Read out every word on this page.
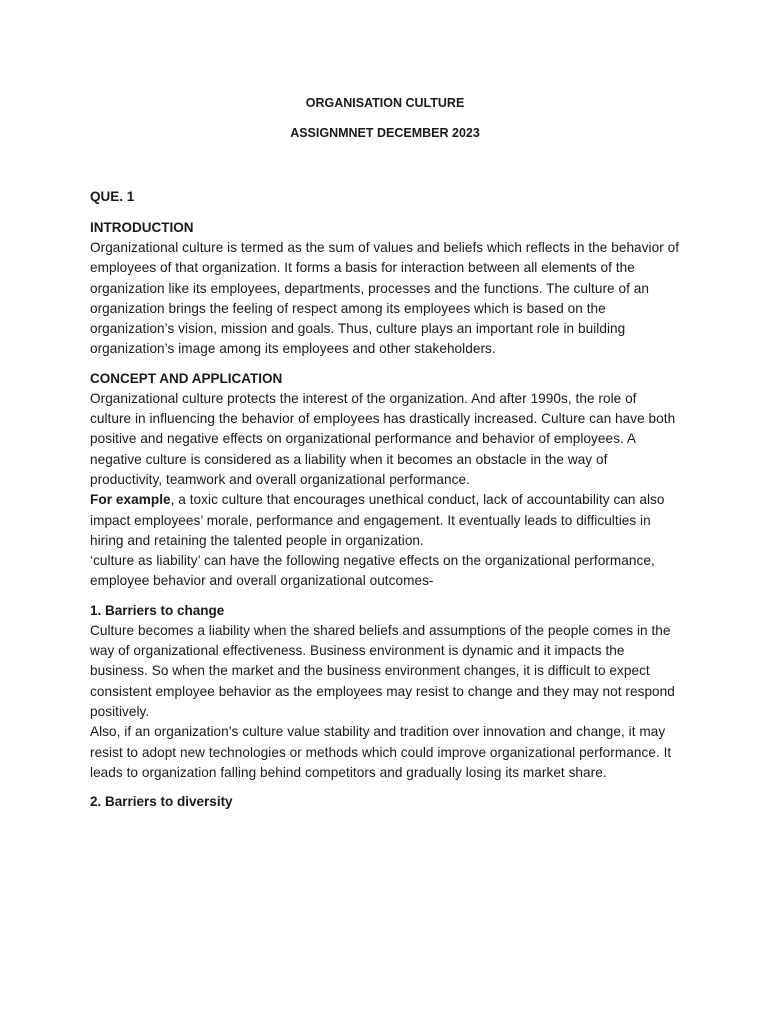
ORGANISATION CULTURE
ASSIGNMNET DECEMBER 2023
QUE. 1
INTRODUCTION

Organizational culture is termed as the sum of values and beliefs which reflects in the behavior of employees of that organization. It forms a basis for interaction between all elements of the organization like its employees, departments, processes and the functions. The culture of an organization brings the feeling of respect among its employees which is based on the organization’s vision, mission and goals. Thus, culture plays an important role in building organization’s image among its employees and other stakeholders.

CONCEPT AND APPLICATION

Organizational culture protects the interest of the organization. And after 1990s, the role of culture in influencing the behavior of employees has drastically increased. Culture can have both positive and negative effects on organizational performance and behavior of employees. A negative culture is considered as a liability when it becomes an obstacle in the way of productivity, teamwork and overall organizational performance.

For example, a toxic culture that encourages unethical conduct, lack of accountability can also impact employees’ morale, performance and engagement. It eventually leads to difficulties in hiring and retaining the talented people in organization.

‘culture as liability’ can have the following negative effects on the organizational performance, employee behavior and overall organizational outcomes-

1. Barriers to change

Culture becomes a liability when the shared beliefs and assumptions of the people comes in the way of organizational effectiveness. Business environment is dynamic and it impacts the business. So when the market and the business environment changes, it is difficult to expect consistent employee behavior as the employees may resist to change and they may not respond positively.

Also, if an organization’s culture value stability and tradition over innovation and change, it may resist to adopt new technologies or methods which could improve organizational performance. It leads to organization falling behind competitors and gradually losing its market share.

2. Barriers to diversity
